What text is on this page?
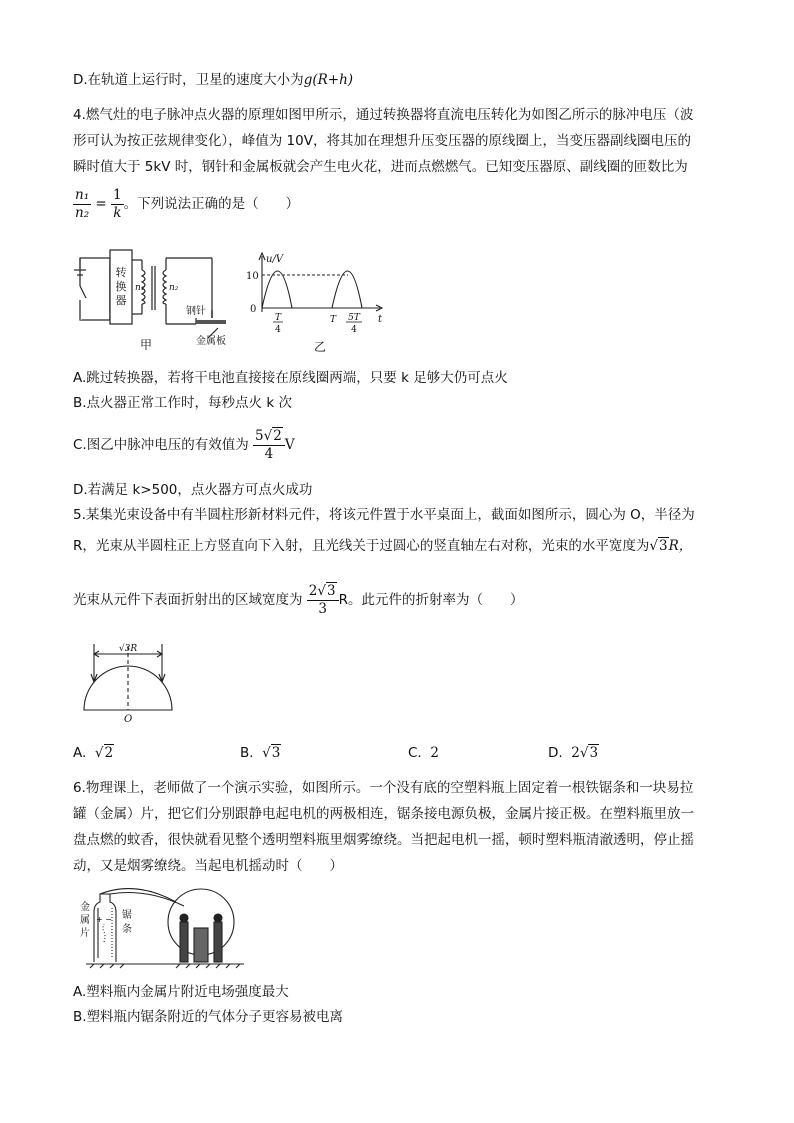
D.在轨道上运行时，卫星的速度大小为g(R+h)
4.燃气灶的电子脉冲点火器的原理如图甲所示，通过转换器将直流电压转化为如图乙所示的脉冲电压（波
形可认为按正弦规律变化），峰值为 10V，将其加在理想升压变压器的原线圈上，当变压器副线圈电压的
瞬时值大于 5kV 时，钢针和金属板就会产生电火花，进而点燃燃气。已知变压器原、副线圈的匝数比为
$\frac{\text{n₁}}{\text{n₂}} = \frac{1}{k}$ 。下列说法正确的是（　　）
转
换
器
n₁	n₂
钢针
金属板
甲
u/V
10
0
T
4
T 5T
4
t
乙
A.跳过转换器，若将干电池直接接在原线圈两端，只要 k 足够大仍可点火
B.点火器正常工作时，每秒点火 k 次
C.图乙中脉冲电压的有效值为 $\frac{5√2}{4}$ V
D.若满足 k>500，点火器方可点火成功
5.某集光束设备中有半圆柱形新材料元件，将该元件置于水平桌面上，截面如图所示，圆心为 O，半径为
R，光束从半圆柱正上方竖直向下入射，且光线关于过圆心的竖直轴左右对称，光束的水平宽度为√3R，
光束从元件下表面折射出的区域宽度为 $\frac{2√3}{3}$ R。此元件的折射率为（　　）
√3R
O
A. √2	B. √3	C. 2	D. 2√3
6.物理课上，老师做了一个演示实验，如图所示。一个没有底的空塑料瓶上固定着一根铁锯条和一块易拉
罐（金属）片，把它们分别跟静电起电机的两极相连，锯条接电源负极，金属片接正极。在塑料瓶里放一
盘点燃的蚊香，很快就看见整个透明塑料瓶里烟雾缭绕。当把起电机一摇，顿时塑料瓶清澈透明，停止摇
动，又是烟雾缭绕。当起电机摇动时（　　）
+ −
金
属
片
锯
条
A.塑料瓶内金属片附近电场强度最大
B.塑料瓶内锯条附近的气体分子更容易被电离
